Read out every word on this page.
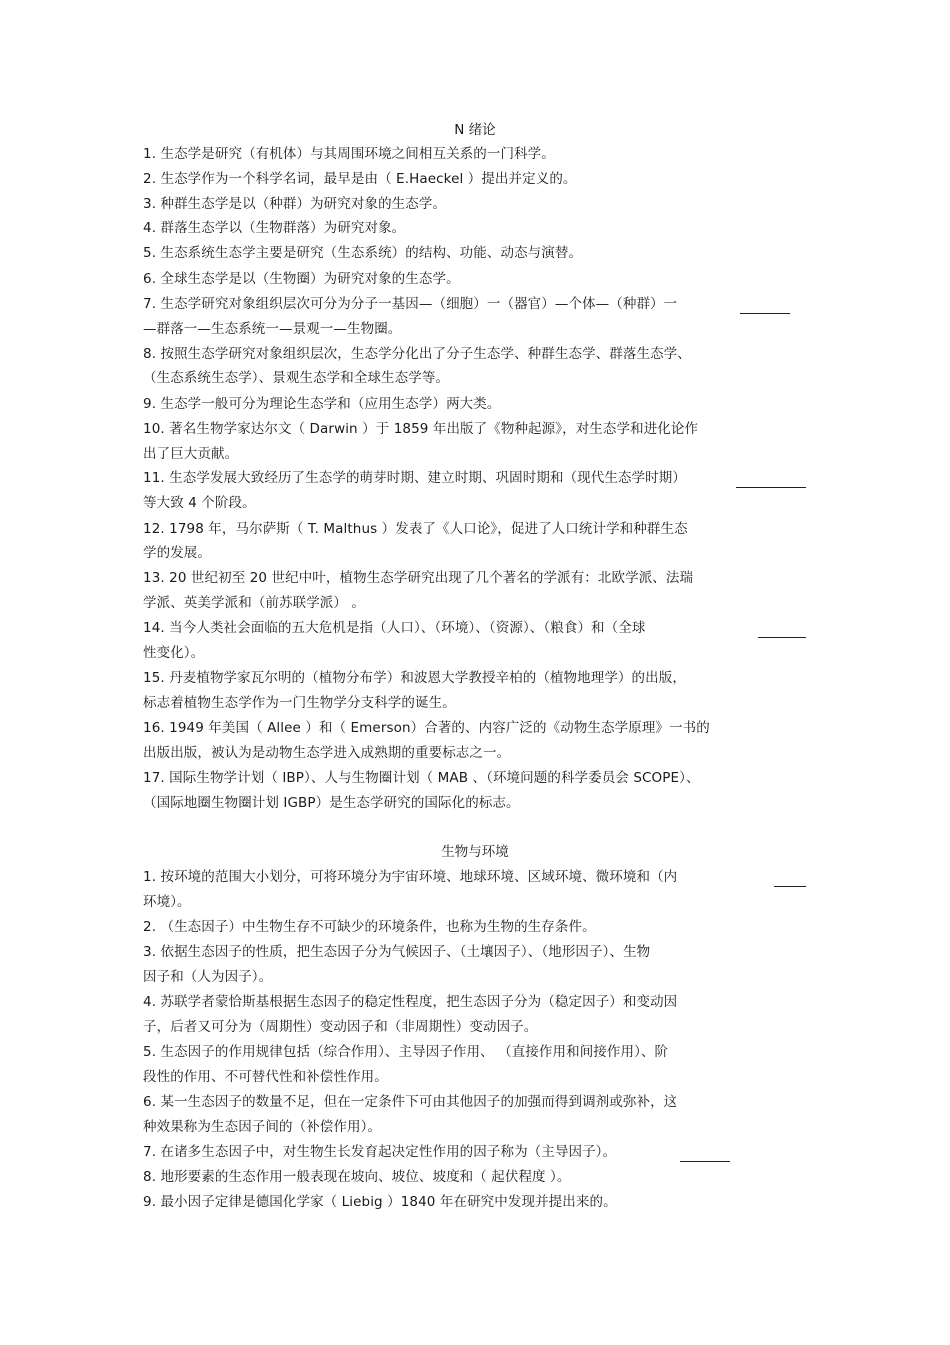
N 绪论
1. 生态学是研究（有机体）与其周围环境之间相互关系的一门科学。
2. 生态学作为一个科学名词，最早是由（ E.Haeckel ）提出并定义的。
3. 种群生态学是以（种群）为研究对象的生态学。
4. 群落生态学以（生物群落）为研究对象。
5. 生态系统生态学主要是研究（生态系统）的结构、功能、动态与演替。
6. 全球生态学是以（生物圈）为研究对象的生态学。
7. 生态学研究对象组织层次可分为分子一基因—（细胞）一（器官）—个体—（种群）一
—群落一—生态系统一—景观一—生物圈。
8. 按照生态学研究对象组织层次，生态学分化出了分子生态学、种群生态学、群落生态学、
（生态系统生态学）、景观生态学和全球生态学等。
9. 生态学一般可分为理论生态学和（应用生态学）两大类。
10. 著名生物学家达尔文（ Darwin ）于 1859 年出版了《物种起源》，对生态学和进化论作
出了巨大贡献。
11. 生态学发展大致经历了生态学的萌芽时期、建立时期、巩固时期和（现代生态学时期）
等大致 4 个阶段。
12. 1798 年，马尔萨斯（ T. Malthus ）发表了《人口论》，促进了人口统计学和种群生态
学的发展。
13. 20 世纪初至 20 世纪中叶，植物生态学研究出现了几个著名的学派有：北欧学派、法瑞
学派、英美学派和（前苏联学派） 。
14. 当今人类社会面临的五大危机是指（人口）、（环境）、（资源）、（粮食）和（全球
性变化）。
15. 丹麦植物学家瓦尔明的（植物分布学）和波恩大学教授辛柏的（植物地理学）的出版，
标志着植物生态学作为一门生物学分支科学的诞生。
16. 1949 年美国（ Allee ）和（ Emerson）合著的、内容广泛的《动物生态学原理》一书的
出版出版，被认为是动物生态学进入成熟期的重要标志之一。
17. 国际生物学计划（ IBP）、人与生物圈计划（ MAB 、（环境问题的科学委员会 SCOPE）、
（国际地圈生物圈计划 IGBP）是生态学研究的国际化的标志。
生物与环境
1. 按环境的范围大小划分，可将环境分为宇宙环境、地球环境、区域环境、微环境和（内
环境）。
2. （生态因子）中生物生存不可缺少的环境条件，也称为生物的生存条件。
3. 依据生态因子的性质，把生态因子分为气候因子、（土壤因子）、（地形因子）、生物
因子和（人为因子）。
4. 苏联学者蒙恰斯基根据生态因子的稳定性程度，把生态因子分为（稳定因子）和变动因
子，后者又可分为（周期性）变动因子和（非周期性）变动因子。
5. 生态因子的作用规律包括（综合作用）、主导因子作用、 （直接作用和间接作用）、阶
段性的作用、不可替代性和补偿性作用。
6. 某一生态因子的数量不足，但在一定条件下可由其他因子的加强而得到调剂或弥补，这
种效果称为生态因子间的（补偿作用）。
7. 在诸多生态因子中，对生物生长发育起决定性作用的因子称为（主导因子）。
8. 地形要素的生态作用一般表现在坡向、坡位、坡度和（ 起伏程度 ）。
9. 最小因子定律是德国化学家（ Liebig ）1840 年在研究中发现并提出来的。
